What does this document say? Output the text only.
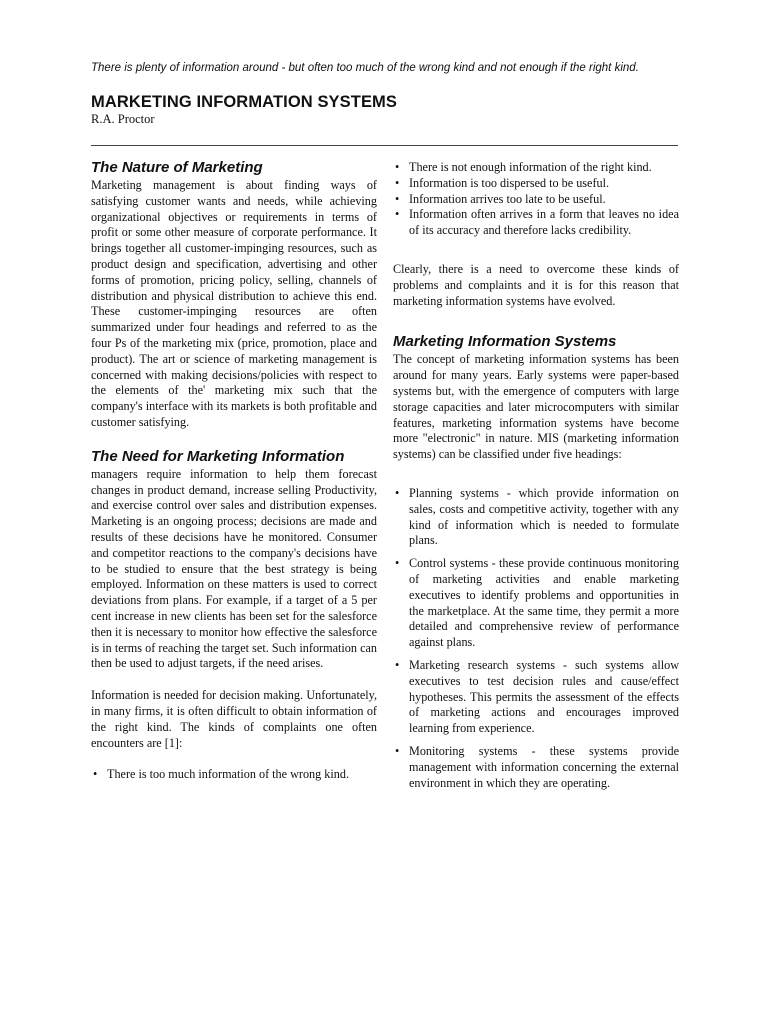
There is plenty of information around - but often too much of the wrong kind and not enough if the right kind.
MARKETING INFORMATION SYSTEMS
R.A. Proctor
The Nature of Marketing

Marketing management is about finding ways of satisfying customer wants and needs, while achieving organizational objectives or requirements in terms of profit or some other measure of corporate performance. It brings together all customer-impinging resources, such as product design and specification, advertising and other forms of promotion, pricing policy, selling, channels of distribution and physical distribution to achieve this end. These customer-impinging resources are often summarized under four headings and referred to as the four Ps of the marketing mix (price, promotion, place and product). The art or science of marketing management is concerned with making decisions/policies with respect to the elements of the' marketing mix such that the company's interface with its markets is both profitable and customer satisfying.

The Need for Marketing Information

managers require information to help them forecast changes in product demand, increase selling Productivity, and exercise control over sales and distribution expenses. Marketing is an ongoing process; decisions are made and results of these decisions have he monitored. Consumer and competitor reactions to the company's decisions have to be studied to ensure that the best strategy is being employed. Information on these matters is used to correct deviations from plans. For example, if a target of a 5 per cent increase in new clients has been set for the salesforce then it is necessary to monitor how effective the salesforce is in terms of reaching the target set. Such information can then be used to adjust targets, if the need arises.

Information is needed for decision making. Unfortunately, in many firms, it is often difficult to obtain information of the right kind. The kinds of complaints one often encounters are [1]:

• There is too much information of the wrong kind.
• There is not enough information of the right kind.
• Information is too dispersed to be useful.
• Information arrives too late to be useful.
• Information often arrives in a form that leaves no idea of its accuracy and therefore lacks credibility.

Clearly, there is a need to overcome these kinds of problems and complaints and it is for this reason that marketing information systems have evolved.

Marketing Information Systems

The concept of marketing information systems has been around for many years. Early systems were paper-based systems but, with the emergence of computers with large storage capacities and later microcomputers with similar features, marketing information systems have become more "electronic" in nature. MIS (marketing information systems) can be classified under five headings:

• Planning systems - which provide information on sales, costs and competitive activity, together with any kind of information which is needed to formulate plans.
• Control systems - these provide continuous monitoring of marketing activities and enable marketing executives to identify problems and opportunities in the marketplace. At the same time, they permit a more detailed and comprehensive review of performance against plans.
• Marketing research systems - such systems allow executives to test decision rules and cause/effect hypotheses. This permits the assessment of the effects of marketing actions and encourages improved learning from experience.
• Monitoring systems - these systems provide management with information concerning the external environment in which they are operating.
